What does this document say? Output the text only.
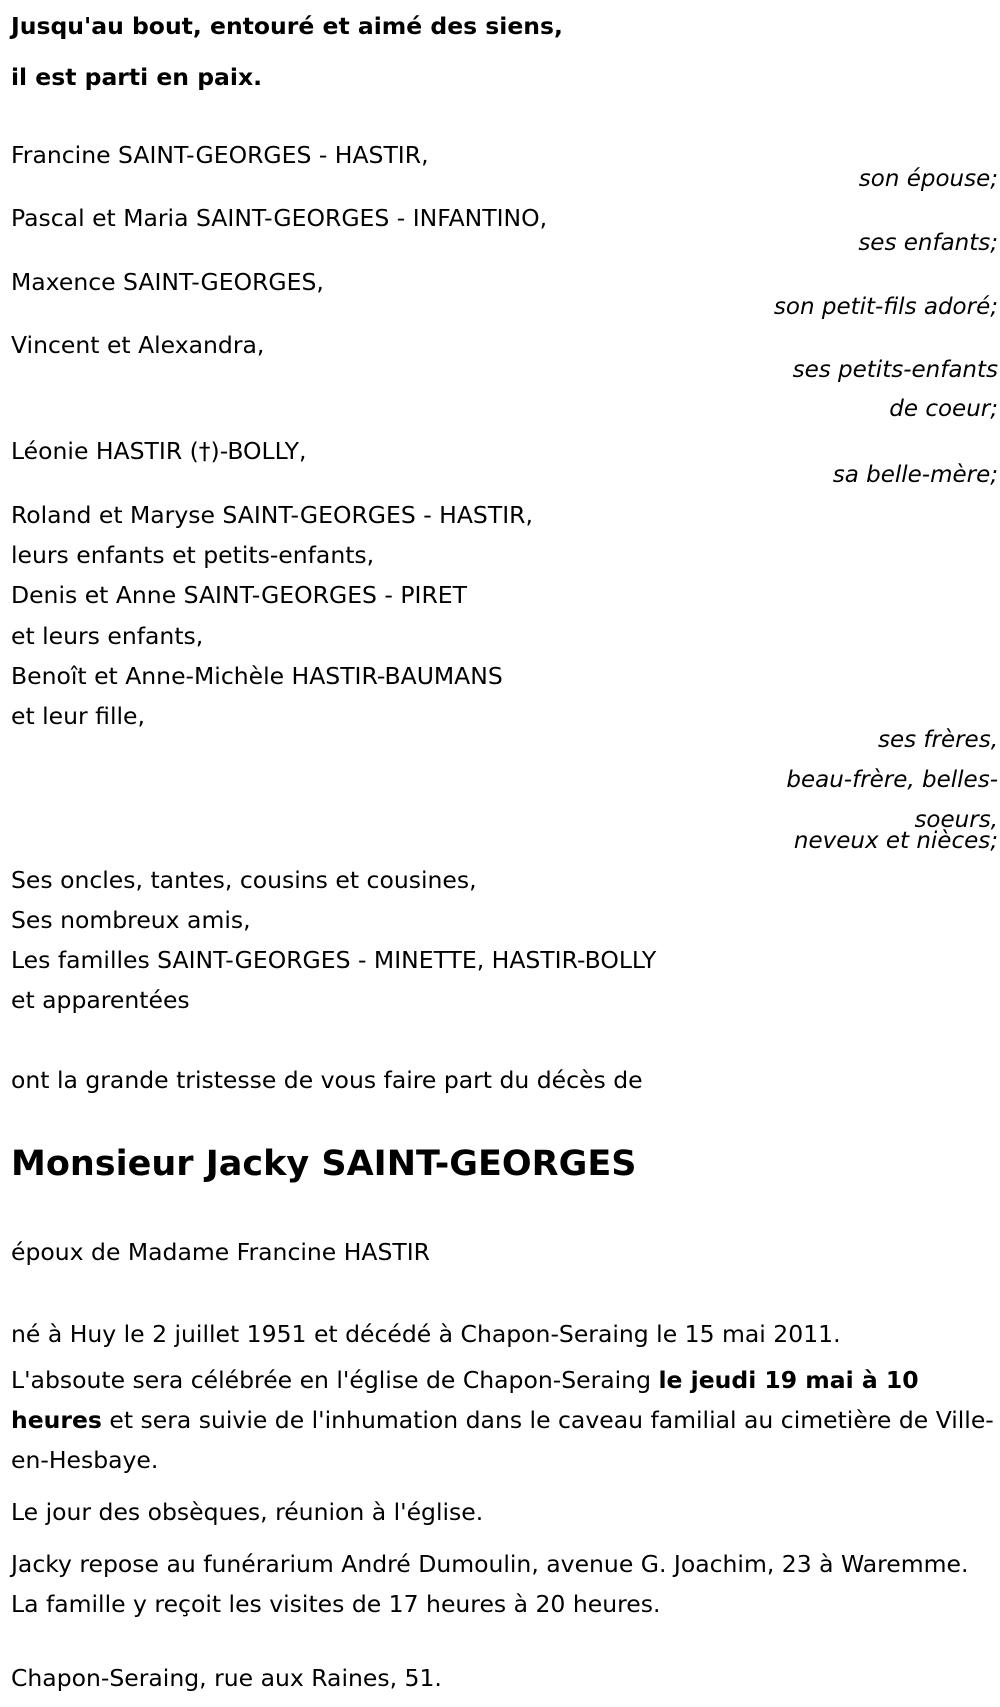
Jusqu'au bout, entouré et aimé des siens,
il est parti en paix.
Francine SAINT-GEORGES - HASTIR,
son épouse;
Pascal et Maria SAINT-GEORGES - INFANTINO,
ses enfants;
Maxence SAINT-GEORGES,
son petit-fils adoré;
Vincent et Alexandra,
ses petits-enfants
de coeur;
Léonie HASTIR (†)-BOLLY,
sa belle-mère;
Roland et Maryse SAINT-GEORGES - HASTIR,
leurs enfants et petits-enfants,
Denis et Anne SAINT-GEORGES - PIRET
et leurs enfants,
Benoît et Anne-Michèle HASTIR-BAUMANS
et leur fille,
ses frères,
beau-frère, belles-
soeurs,
neveux et nièces;
Ses oncles, tantes, cousins et cousines,
Ses nombreux amis,
Les familles SAINT-GEORGES - MINETTE, HASTIR-BOLLY
et apparentées
ont la grande tristesse de vous faire part du décès de
Monsieur Jacky SAINT-GEORGES
époux de Madame Francine HASTIR
né à Huy le 2 juillet 1951 et décédé à Chapon-Seraing le 15 mai 2011.
L'absoute sera célébrée en l'église de Chapon-Seraing le jeudi 19 mai à 10 heures et sera suivie de l'inhumation dans le caveau familial au cimetière de Ville-en-Hesbaye.
Le jour des obsèques, réunion à l'église.
Jacky repose au funérarium André Dumoulin, avenue G. Joachim, 23 à Waremme. La famille y reçoit les visites de 17 heures à 20 heures.
Chapon-Seraing, rue aux Raines, 51.
